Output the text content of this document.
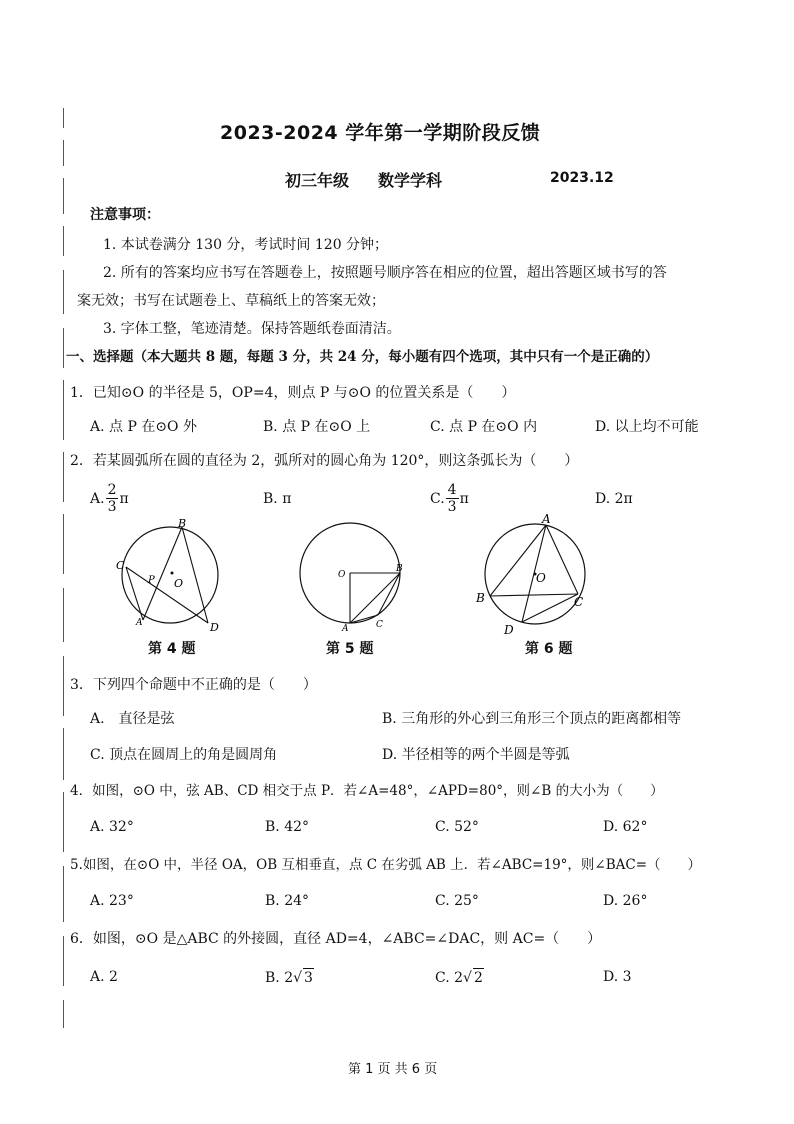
2023-2024 学年第一学期阶段反馈
初三年级 数学学科	2023.12
注意事项：
1. 本试卷满分 130 分，考试时间 120 分钟；
2. 所有的答案均应书写在答题卷上，按照题号顺序答在相应的位置，超出答题区域书写的答
案无效；书写在试题卷上、草稿纸上的答案无效；
3. 字体工整，笔迹清楚。保持答题纸卷面清洁。
一、选择题（本大题共 8 题，每题 3 分，共 24 分，每小题有四个选项，其中只有一个是正确的）
1．已知⊙O 的半径是 5，OP=4，则点 P 与⊙O 的位置关系是（　　）
A. 点 P 在⊙O 外	B. 点 P 在⊙O 上	C. 点 P 在⊙O 内	D. 以上均不可能
2．若某圆弧所在圆的直径为 2，弧所对的圆心角为 120°，则这条弧长为（　　）
A. $\frac{2}{3}$ π	B. π	C. $\frac{4}{3}$ π	D. 2π
B
C
P O
A	D
O
B
A	C
A
O
B	C
D
第 4 题	第 5 题	第 6 题
3．下列四个命题中不正确的是（　　）
A.　直径是弦	B. 三角形的外心到三角形三个顶点的距离都相等
C. 顶点在圆周上的角是圆周角	D. 半径相等的两个半圆是等弧
4．如图，⊙O 中，弦 AB、CD 相交于点 P．若∠A=48°，∠APD=80°，则∠B 的大小为（　　）
A. 32°	B. 42°	C. 52°	D. 62°
5.如图，在⊙O 中，半径 OA，OB 互相垂直，点 C 在劣弧 AB 上．若∠ABC=19°，则∠BAC=（　　）
A. 23°	B. 24°	C. 25°	D. 26°
6．如图，⊙O 是△ABC 的外接圆，直径 AD=4，∠ABC=∠DAC，则 AC=（　　）
A. 2	B. 2√ 3	C. 2√ 2	D. 3
第 1 页 共 6 页
